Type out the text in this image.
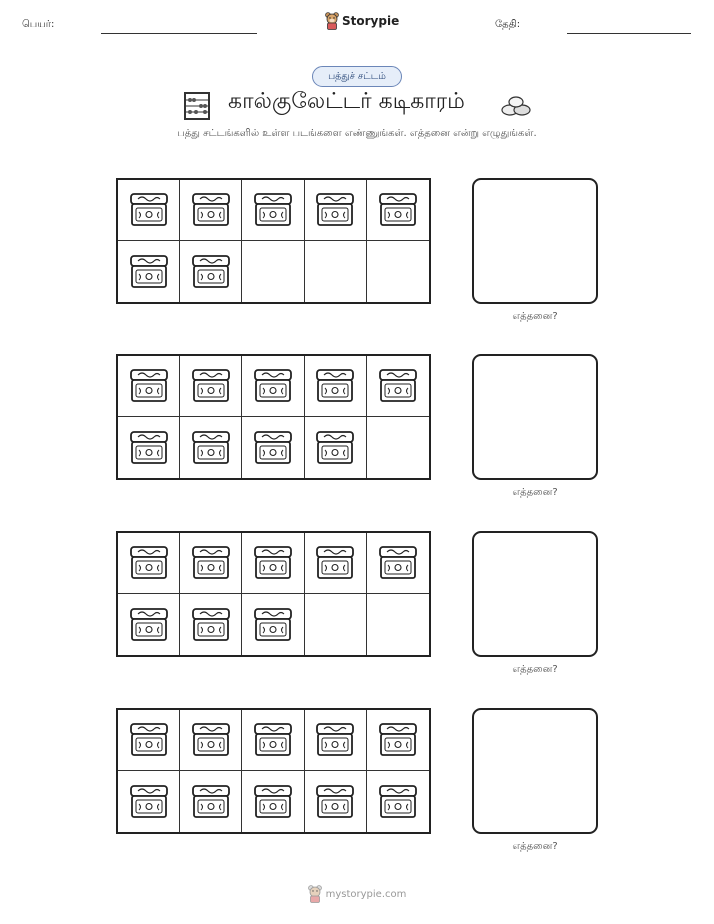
பெயர்:	Storypie	தேதி:
பத்துச் சட்டம்
கால்குலேட்டர் கடிகாரம்
பத்து சட்டங்களில் உள்ள படங்களை எண்ணுங்கள். எத்தனை என்று எழுதுங்கள்.
எத்தனை?
எத்தனை?
எத்தனை?
எத்தனை?
mystorypie.com
